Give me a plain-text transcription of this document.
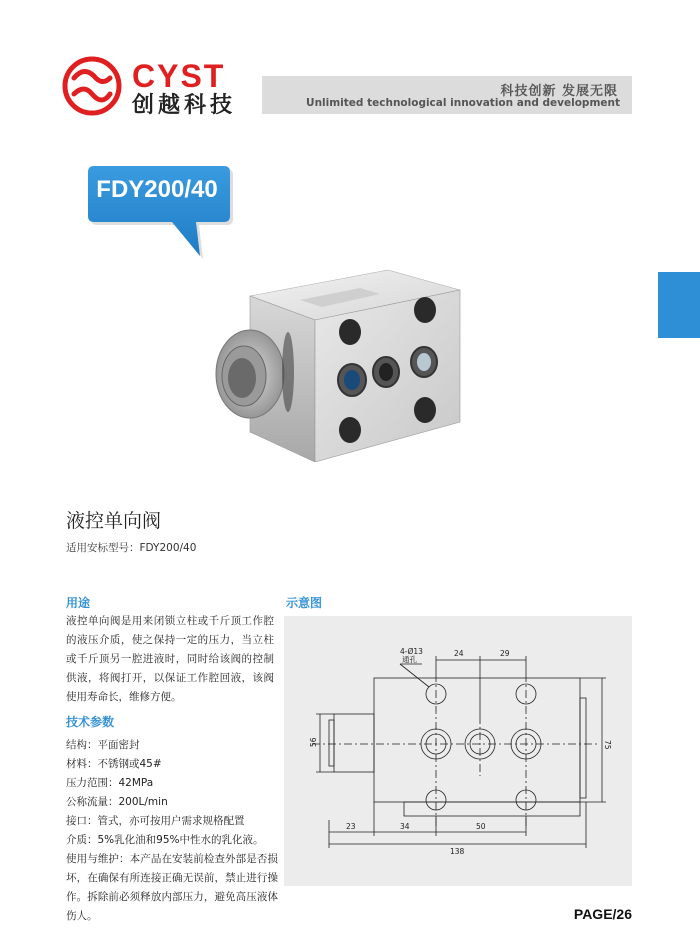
CYST
创越科技
科技创新 发展无限
Unlimited technological innovation and development
FDY200/40
液控单向阀
适用安标型号：FDY200/40
用途
液控单向阀是用来闭锁立柱或千斤顶工作腔的液压介质，使之保持一定的压力，当立柱或千斤顶另一腔进液时，同时给该阀的控制供液，将阀打开，以保证工作腔回液，该阀使用寿命长，维修方便。
技术参数
结构：平面密封
材料：不锈钢或45#
压力范围：42MPa
公称流量：200L/min
接口：管式，亦可按用户需求规格配置
介质：5%乳化油和95%中性水的乳化液。
使用与维护：本产品在安装前检查外部是否损坏，在确保有所连接正确无误前，禁止进行操作。拆除前必须释放内部压力，避免高压液体伤人。
示意图
4-Ø13
通孔
24	29
56	75
23	34	50
138
PAGE/26
